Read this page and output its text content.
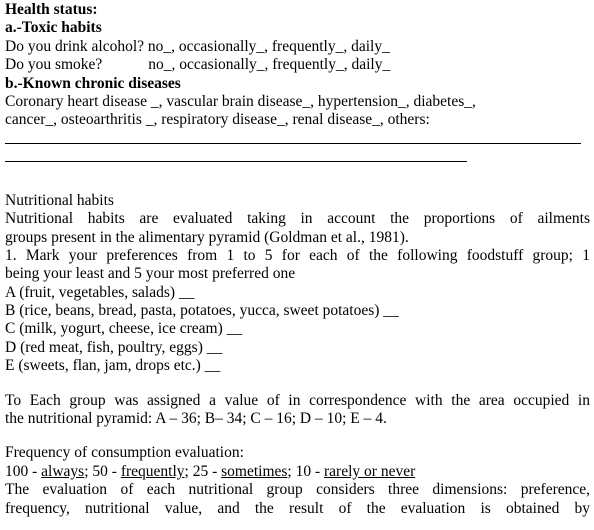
Health status:
a.-Toxic habits
Do you drink alcohol? no_, occasionally_, frequently_, daily_
Do you smoke?	no_, occasionally_, frequently_, daily_
b.-Known chronic diseases
Coronary heart disease _, vascular brain disease_, hypertension_, diabetes_,
cancer_, osteoarthritis _, respiratory disease_, renal disease_, others:
Nutritional habits
Nutritional habits are evaluated taking in account the proportions of ailments
groups present in the alimentary pyramid (Goldman et al., 1981).
1. Mark your preferences from 1 to 5 for each of the following foodstuff group; 1
being your least and 5 your most preferred one
A (fruit, vegetables, salads) __
B (rice, beans, bread, pasta, potatoes, yucca, sweet potatoes) __
C (milk, yogurt, cheese, ice cream) __
D (red meat, fish, poultry, eggs) __
E (sweets, flan, jam, drops etc.) __
To Each group was assigned a value of in correspondence with the area occupied in
the nutritional pyramid: A – 36; B– 34; C – 16; D – 10; E – 4.
Frequency of consumption evaluation:
100 - always; 50 - frequently; 25 - sometimes; 10 - rarely or never
The evaluation of each nutritional group considers three dimensions: preference,
frequency, nutritional value, and the result of the evaluation is obtained by
